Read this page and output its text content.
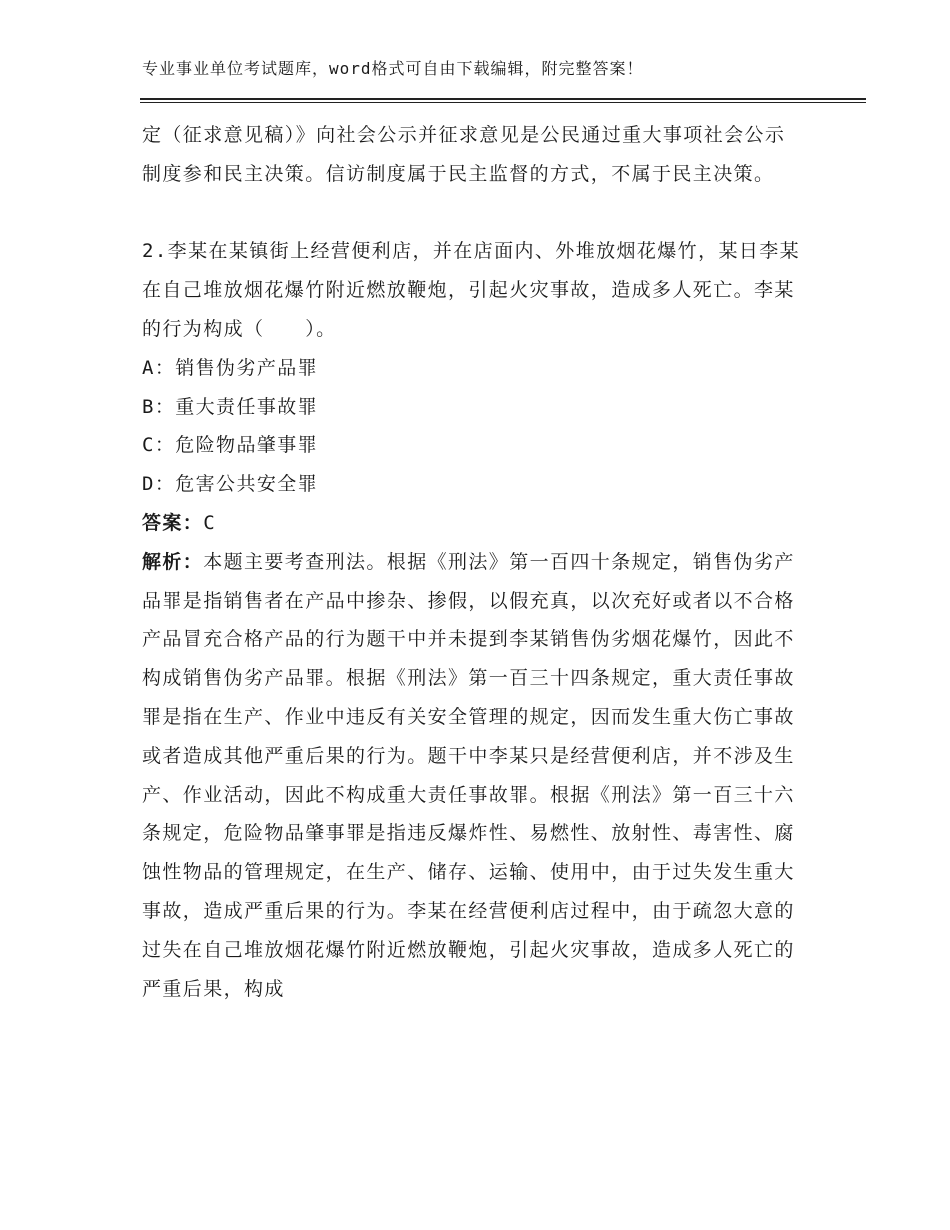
专业事业单位考试题库，word格式可自由下载编辑，附完整答案！

定（征求意见稿）》向社会公示并征求意见是公民通过重大事项社会公示制度参和民主决策。信访制度属于民主监督的方式，不属于民主决策。

2.李某在某镇街上经营便利店，并在店面内、外堆放烟花爆竹，某日李某在自己堆放烟花爆竹附近燃放鞭炮，引起火灾事故，造成多人死亡。李某的行为构成（　　）。

A：销售伪劣产品罪

B：重大责任事故罪

C：危险物品肇事罪

D：危害公共安全罪

答案：C

解析：本题主要考查刑法。根据《刑法》第一百四十条规定，销售伪劣产品罪是指销售者在产品中掺杂、掺假，以假充真，以次充好或者以不合格产品冒充合格产品的行为题干中并未提到李某销售伪劣烟花爆竹，因此不构成销售伪劣产品罪。根据《刑法》第一百三十四条规定，重大责任事故罪是指在生产、作业中违反有关安全管理的规定，因而发生重大伤亡事故或者造成其他严重后果的行为。题干中李某只是经营便利店，并不涉及生产、作业活动，因此不构成重大责任事故罪。根据《刑法》第一百三十六条规定，危险物品肇事罪是指违反爆炸性、易燃性、放射性、毒害性、腐蚀性物品的管理规定，在生产、储存、运输、使用中，由于过失发生重大事故，造成严重后果的行为。李某在经营便利店过程中，由于疏忽大意的过失在自己堆放烟花爆竹附近燃放鞭炮，引起火灾事故，造成多人死亡的严重后果，构成
